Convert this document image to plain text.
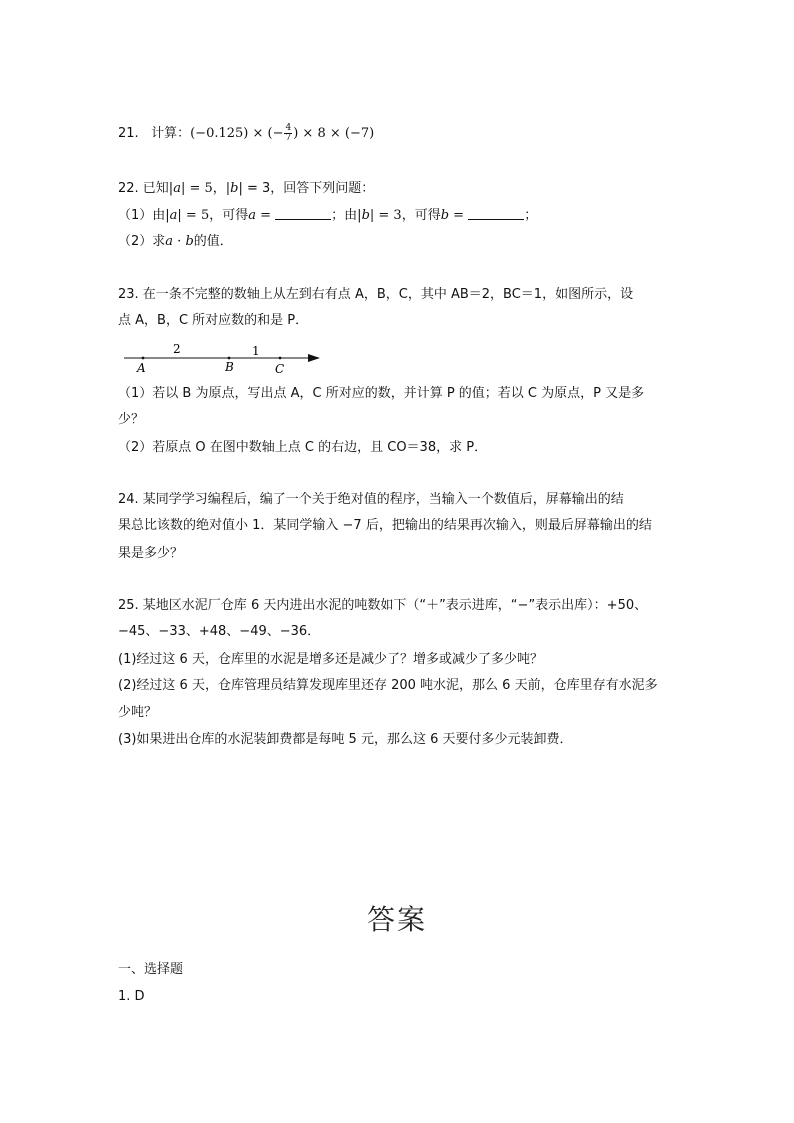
21. 计算：(−0.125) × (− $\frac{4}{7}$ ) × 8 × (−7)
22. 已知|a| = 5，|b| = 3，回答下列问题：
（1）由|a| = 5，可得a =	；由|b| = 3，可得b =	；
（2）求a · b的值．
23. 在一条不完整的数轴上从左到右有点 A，B，C，其中 AB＝2，BC＝1，如图所示，设
点 A，B，C 所对应数的和是 P．
2	1
A	B	C
（1）若以 B 为原点，写出点 A，C 所对应的数，并计算 P 的值；若以 C 为原点，P 又是多
少？
（2）若原点 O 在图中数轴上点 C 的右边，且 CO＝38，求 P．
24. 某同学学习编程后，编了一个关于绝对值的程序，当输入一个数值后，屏幕输出的结
果总比该数的绝对值小 1．某同学输入 −7 后，把输出的结果再次输入，则最后屏幕输出的结
果是多少？
25. 某地区水泥厂仓库 6 天内进出水泥的吨数如下（“＋”表示进库，“−”表示出库）：+50、
−45、−33、+48、−49、−36．
(1)经过这 6 天，仓库里的水泥是增多还是减少了？增多或减少了多少吨？
(2)经过这 6 天，仓库管理员结算发现库里还存 200 吨水泥，那么 6 天前，仓库里存有水泥多
少吨？
(3)如果进出仓库的水泥装卸费都是每吨 5 元，那么这 6 天要付多少元装卸费．
答案
一、选择题
1. D
